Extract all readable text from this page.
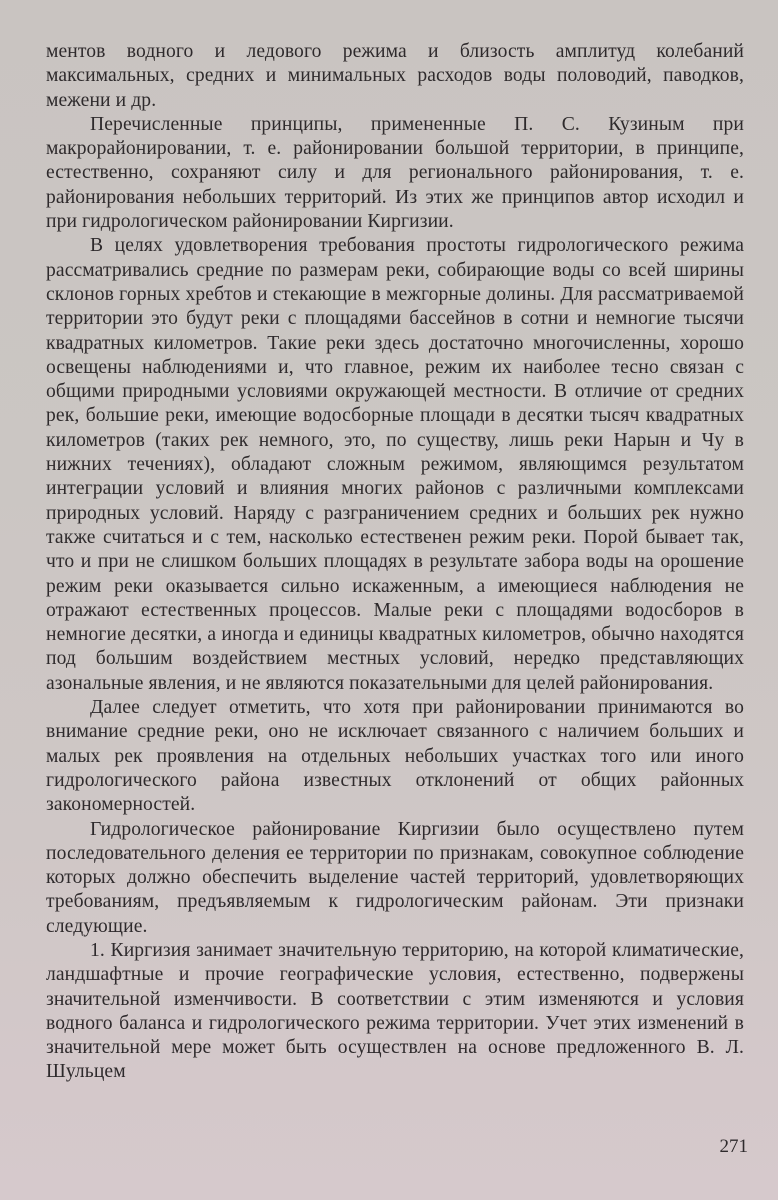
ментов водного и ледового режима и близость амплитуд колебаний максимальных, средних и минимальных расходов воды половодий, паводков, межени и др.

Перечисленные принципы, примененные П. С. Кузиным при макрорайонировании, т. е. районировании большой территории, в принципе, естественно, сохраняют силу и для регионального районирования, т. е. районирования небольших территорий. Из этих же принципов автор исходил и при гидрологическом районировании Киргизии.

В целях удовлетворения требования простоты гидрологического режима рассматривались средние по размерам реки, собирающие воды со всей ширины склонов горных хребтов и стекающие в межгорные долины. Для рассматриваемой территории это будут реки с площадями бассейнов в сотни и немногие тысячи квадратных километров. Такие реки здесь достаточно многочисленны, хорошо освещены наблюдениями и, что главное, режим их наиболее тесно связан с общими природными условиями окружающей местности. В отличие от средних рек, большие реки, имеющие водосборные площади в десятки тысяч квадратных километров (таких рек немного, это, по существу, лишь реки Нарын и Чу в нижних течениях), обладают сложным режимом, являющимся результатом интеграции условий и влияния многих районов с различными комплексами природных условий. Наряду с разграничением средних и больших рек нужно также считаться и с тем, насколько естественен режим реки. Порой бывает так, что и при не слишком больших площадях в результате забора воды на орошение режим реки оказывается сильно искаженным, а имеющиеся наблюдения не отражают естественных процессов. Малые реки с площадями водосборов в немногие десятки, а иногда и единицы квадратных километров, обычно находятся под большим воздействием местных условий, нередко представляющих азональные явления, и не являются показательными для целей районирования.

Далее следует отметить, что хотя при районировании принимаются во внимание средние реки, оно не исключает связанного с наличием больших и малых рек проявления на отдельных небольших участках того или иного гидрологического района известных отклонений от общих районных закономерностей.

Гидрологическое районирование Киргизии было осуществлено путем последовательного деления ее территории по признакам, совокупное соблюдение которых должно обеспечить выделение частей территорий, удовлетворяющих требованиям, предъявляемым к гидрологическим районам. Эти признаки следующие.

1. Киргизия занимает значительную территорию, на которой климатические, ландшафтные и прочие географические условия, естественно, подвержены значительной изменчивости. В соответствии с этим изменяются и условия водного баланса и гидрологического режима территории. Учет этих изменений в значительной мере может быть осуществлен на основе предложенного В. Л. Шульцем

271
